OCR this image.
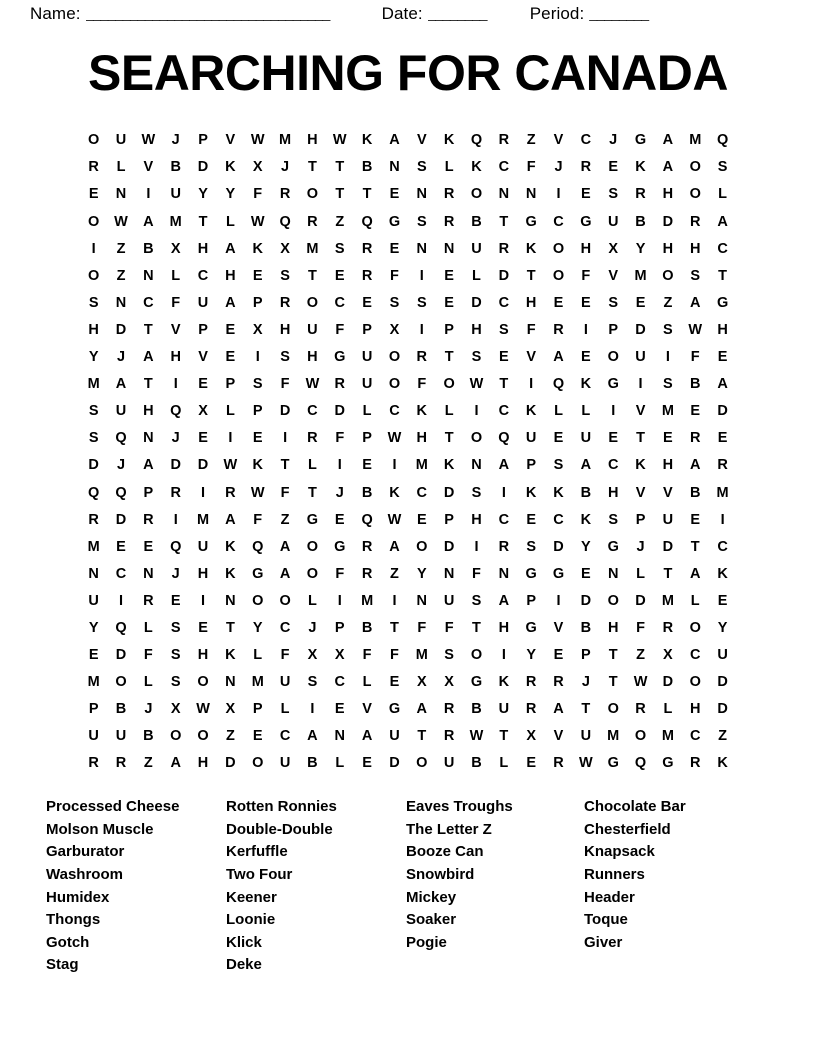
Name: _________________________________	Date: ________	Period: ________
SEARCHING FOR CANADA
O	U	W	J	P	V	W M	H	W	K	A	V	K	Q	R	Z	V	C	J	G	A	M	Q
R	L	V	B	D	K	X	J	T	T	B	N	S	L	K	C	F	J	R	E	K	A	O	S
E	N	I	U	Y	Y	F	R	O	T	T	E	N	R	O	N	N	I	E	S	R	H	O	L
O	W	A	M	T	L	W	Q	R	Z	Q	G	S	R	B	T	G	C	G	U	B	D	R	A
I	Z	B	X	H	A	K	X	M	S	R	E	N	N	U	R	K	O	H	X	Y	H	H	C
O	Z	N	L	C	H	E	S	T	E	R	F	I	E	L	D	T	O	F	V	M	O	S	T
S	N	C	F	U	A	P	R	O	C	E	S	S	E	D	C	H	E	E	S	E	Z	A	G
H	D	T	V	P	E	X	H	U	F	P	X	I	P	H	S	F	R	I	P	D	S	W	H
Y	J	A	H	V	E	I	S	H	G	U	O	R	T	S	E	V	A	E	O	U	I	F	E
M	A	T	I	E	P	S	F	W	R	U	O	F	O	W	T	I	Q	K	G	I	S	B	A
S	U	H	Q	X	L	P	D	C	D	L	C	K	L	I	C	K	L	L	I	V	M	E	D
S	Q	N	J	E	I	E	I	R	F	P	W	H	T	O	Q	U	E	U	E	T	E	R	E
D	J	A	D	D	W	K	T	L	I	E	I	M	K	N	A	P	S	A	C	K	H	A	R
Q	Q	P	R	I	R	W	F	T	J	B	K	C	D	S	I	K	K	B	H	V	V	B	M
R	D	R	I	M	A	F	Z	G	E	Q	W	E	P	H	C	E	C	K	S	P	U	E	I
M	E	E	Q	U	K	Q	A	O	G	R	A	O	D	I	R	S	D	Y	G	J	D	T	C
N	C	N	J	H	K	G	A	O	F	R	Z	Y	N	F	N	G	G	E	N	L	T	A	K
U	I	R	E	I	N	O	O	L	I	M	I	N	U	S	A	P	I	D	O	D	M	L	E
Y	Q	L	S	E	T	Y	C	J	P	B	T	F	F	T	H	G	V	B	H	F	R	O	Y
E	D	F	S	H	K	L	F	X	X	F	F	M	S	O	I	Y	E	P	T	Z	X	C	U
M	O	L	S	O	N	M	U	S	C	L	E	X	X	G	K	R	R	J	T	W	D	O	D
P	B	J	X	W	X	P	L	I	E	V	G	A	R	B	U	R	A	T	O	R	L	H	D
U	U	B	O	O	Z	E	C	A	N	A	U	T	R	W	T	X	V	U	M	O	M	C	Z
R	R	Z	A	H	D	O	U	B	L	E	D	O	U	B	L	E	R	W	G	Q	G	R	K
Processed Cheese
Molson Muscle
Garburator
Washroom
Humidex
Thongs
Gotch
Stag
Rotten Ronnies
Double-Double
Kerfuffle
Two Four
Keener
Loonie
Klick
Deke
Eaves Troughs
The Letter Z
Booze Can
Snowbird
Mickey
Soaker
Pogie
Chocolate Bar
Chesterfield
Knapsack
Runners
Header
Toque
Giver
